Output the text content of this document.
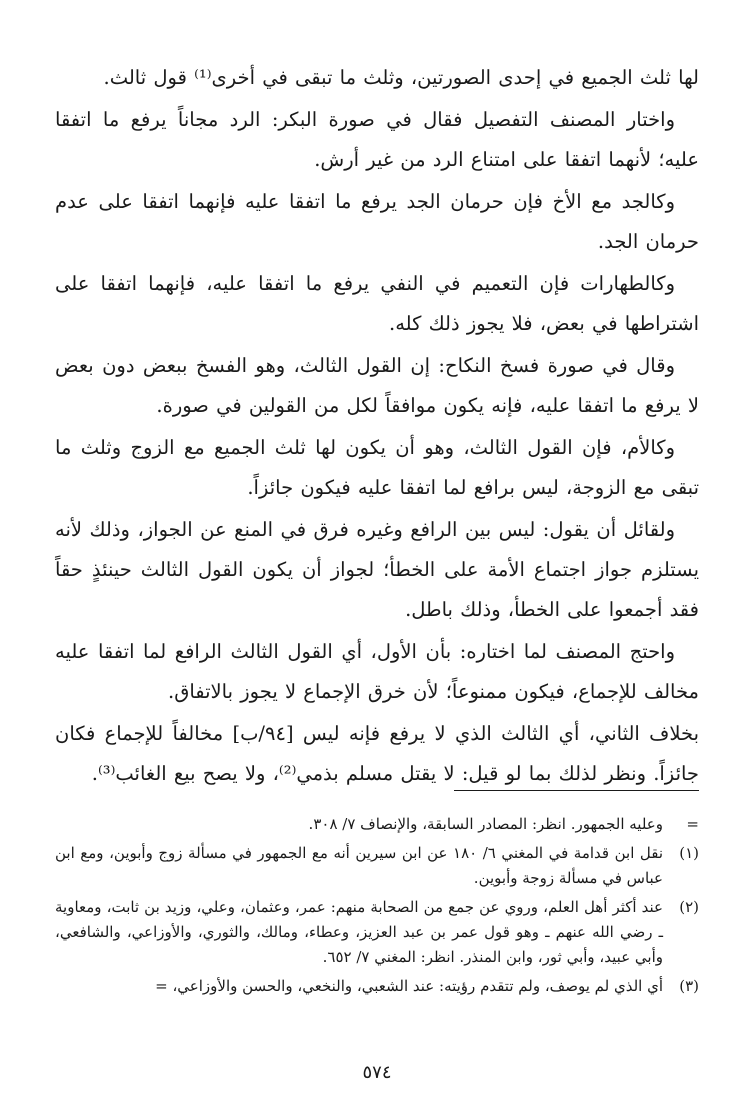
لها ثلث الجميع في إحدى الصورتين، وثلث ما تبقى في أخرى⁽¹⁾ قول ثالث.

واختار المصنف التفصيل فقال في صورة البكر: الرد مجاناً يرفع ما اتفقا عليه؛ لأنهما اتفقا على امتناع الرد من غير أرش.

وكالجد مع الأخ فإن حرمان الجد يرفع ما اتفقا عليه فإنهما اتفقا على عدم حرمان الجد.

وكالطهارات فإن التعميم في النفي يرفع ما اتفقا عليه، فإنهما اتفقا على اشتراطها في بعض، فلا يجوز ذلك كله.

وقال في صورة فسخ النكاح: إن القول الثالث، وهو الفسخ ببعض دون بعض لا يرفع ما اتفقا عليه، فإنه يكون موافقاً لكل من القولين في صورة.

وكالأم، فإن القول الثالث، وهو أن يكون لها ثلث الجميع مع الزوج وثلث ما تبقى مع الزوجة، ليس برافع لما اتفقا عليه فيكون جائزاً.

ولقائل أن يقول: ليس بين الرافع وغيره فرق في المنع عن الجواز، وذلك لأنه يستلزم جواز اجتماع الأمة على الخطأ؛ لجواز أن يكون القول الثالث حينئذٍ حقاً فقد أجمعوا على الخطأ، وذلك باطل.

واحتج المصنف لما اختاره: بأن الأول، أي القول الثالث الرافع لما اتفقا عليه مخالف للإجماع، فيكون ممنوعاً؛ لأن خرق الإجماع لا يجوز بالاتفاق.

بخلاف الثاني، أي الثالث الذي لا يرفع فإنه ليس [٩٤/ب] مخالفاً للإجماع فكان جائزاً. ونظر لذلك بما لو قيل: لا يقتل مسلم بذمي⁽²⁾، ولا يصح بيع الغائب⁽³⁾.

=
وعليه الجمهور. انظر: المصادر السابقة، والإنصاف ٧/ ٣٠٨.
(١)
نقل ابن قدامة في المغني ٦/ ١٨٠ عن ابن سيرين أنه مع الجمهور في مسألة زوج وأبوين، ومع ابن عباس في مسألة زوجة وأبوين.
(٢)
عند أكثر أهل العلم، وروي عن جمع من الصحابة منهم: عمر، وعثمان، وعلي، وزيد بن ثابت، ومعاوية ـ رضي الله عنهم ـ وهو قول عمر بن عبد العزيز، وعطاء، ومالك، والثوري، والأوزاعي، والشافعي، وأبي عبيد، وأبي ثور، وابن المنذر. انظر: المغني ٧/ ٦٥٢.
(٣)
أي الذي لم يوصف، ولم تتقدم رؤيته: عند الشعبي، والنخعي، والحسن والأوزاعي، =
٥٧٤
